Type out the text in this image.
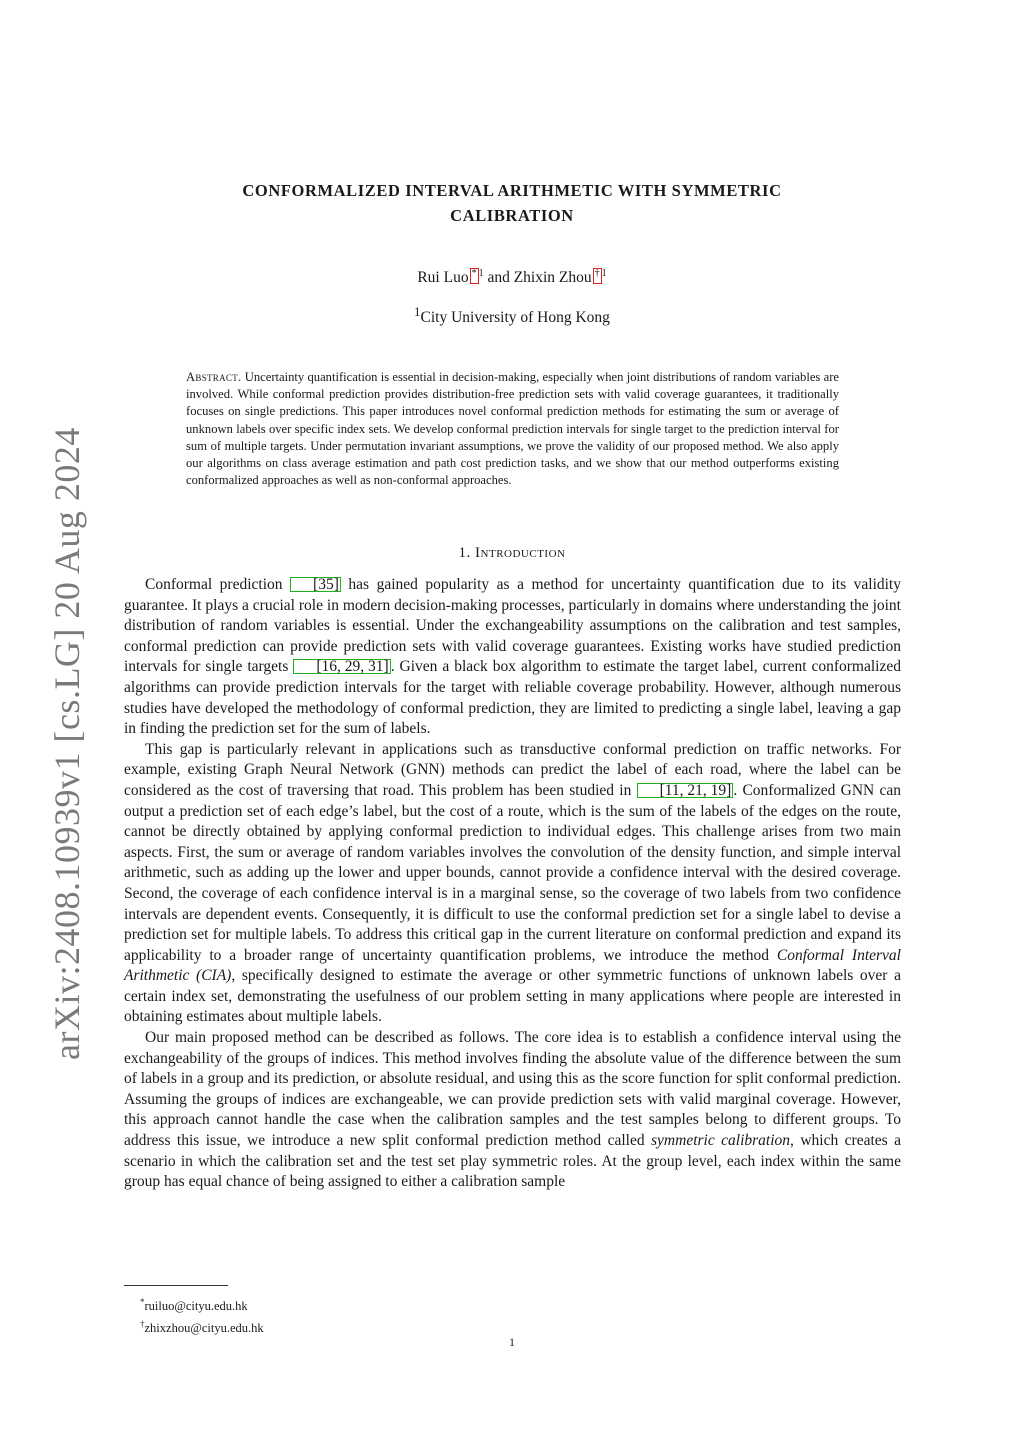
arXiv:2408.10939v1 [cs.LG] 20 Aug 2024
CONFORMALIZED INTERVAL ARITHMETIC WITH SYMMETRIC
CALIBRATION
Rui Luo * $^1$ and Zhixin Zhou † $^1$
$^1$City University of Hong Kong
Abstract. Uncertainty quantification is essential in decision-making, especially when joint distributions of random variables are involved. While conformal prediction provides distribution-free prediction sets with valid coverage guarantees, it traditionally focuses on single predictions. This paper introduces novel conformal prediction methods for estimating the sum or average of unknown labels over specific index sets. We develop conformal prediction intervals for single target to the prediction interval for sum of multiple targets. Under permutation invariant assumptions, we prove the validity of our proposed method. We also apply our algorithms on class average estimation and path cost prediction tasks, and we show that our method outperforms existing conformalized approaches as well as non-conformal approaches.
1. Introduction

Conformal prediction [35] has gained popularity as a method for uncertainty quantification due to its validity guarantee. It plays a crucial role in modern decision-making processes, particularly in domains where understanding the joint distribution of random variables is essential. Under the exchangeability assumptions on the calibration and test samples, conformal prediction can provide prediction sets with valid coverage guarantees. Existing works have studied prediction intervals for single targets [16, 29, 31] . Given a black box algorithm to estimate the target label, current conformalized algorithms can provide prediction intervals for the target with reliable coverage probability. However, although numerous studies have developed the methodology of conformal prediction, they are limited to predicting a single label, leaving a gap in finding the prediction set for the sum of labels.

This gap is particularly relevant in applications such as transductive conformal prediction on traffic networks. For example, existing Graph Neural Network (GNN) methods can predict the label of each road, where the label can be considered as the cost of traversing that road. This problem has been studied in [11, 21, 19] . Conformalized GNN can output a prediction set of each edge’s label, but the cost of a route, which is the sum of the labels of the edges on the route, cannot be directly obtained by applying conformal prediction to individual edges. This challenge arises from two main aspects. First, the sum or average of random variables involves the convolution of the density function, and simple interval arithmetic, such as adding up the lower and upper bounds, cannot provide a confidence interval with the desired coverage. Second, the coverage of each confidence interval is in a marginal sense, so the coverage of two labels from two confidence intervals are dependent events. Consequently, it is difficult to use the conformal prediction set for a single label to devise a prediction set for multiple labels. To address this critical gap in the current literature on conformal prediction and expand its applicability to a broader range of uncertainty quantification problems, we introduce the method Conformal Interval Arithmetic (CIA), specifically designed to estimate the average or other symmetric functions of unknown labels over a certain index set, demonstrating the usefulness of our problem setting in many applications where people are interested in obtaining estimates about multiple labels.

Our main proposed method can be described as follows. The core idea is to establish a confidence interval using the exchangeability of the groups of indices. This method involves finding the absolute value of the difference between the sum of labels in a group and its prediction, or absolute residual, and using this as the score function for split conformal prediction. Assuming the groups of indices are exchangeable, we can provide prediction sets with valid marginal coverage. However, this approach cannot handle the case when the calibration samples and the test samples belong to different groups. To address this issue, we introduce a new split conformal prediction method called symmetric calibration, which creates a scenario in which the calibration set and the test set play symmetric roles. At the group level, each index within the same group has equal chance of being assigned to either a calibration sample

*ruiluo@cityu.edu.hk
†zhixzhou@cityu.edu.hk
1
